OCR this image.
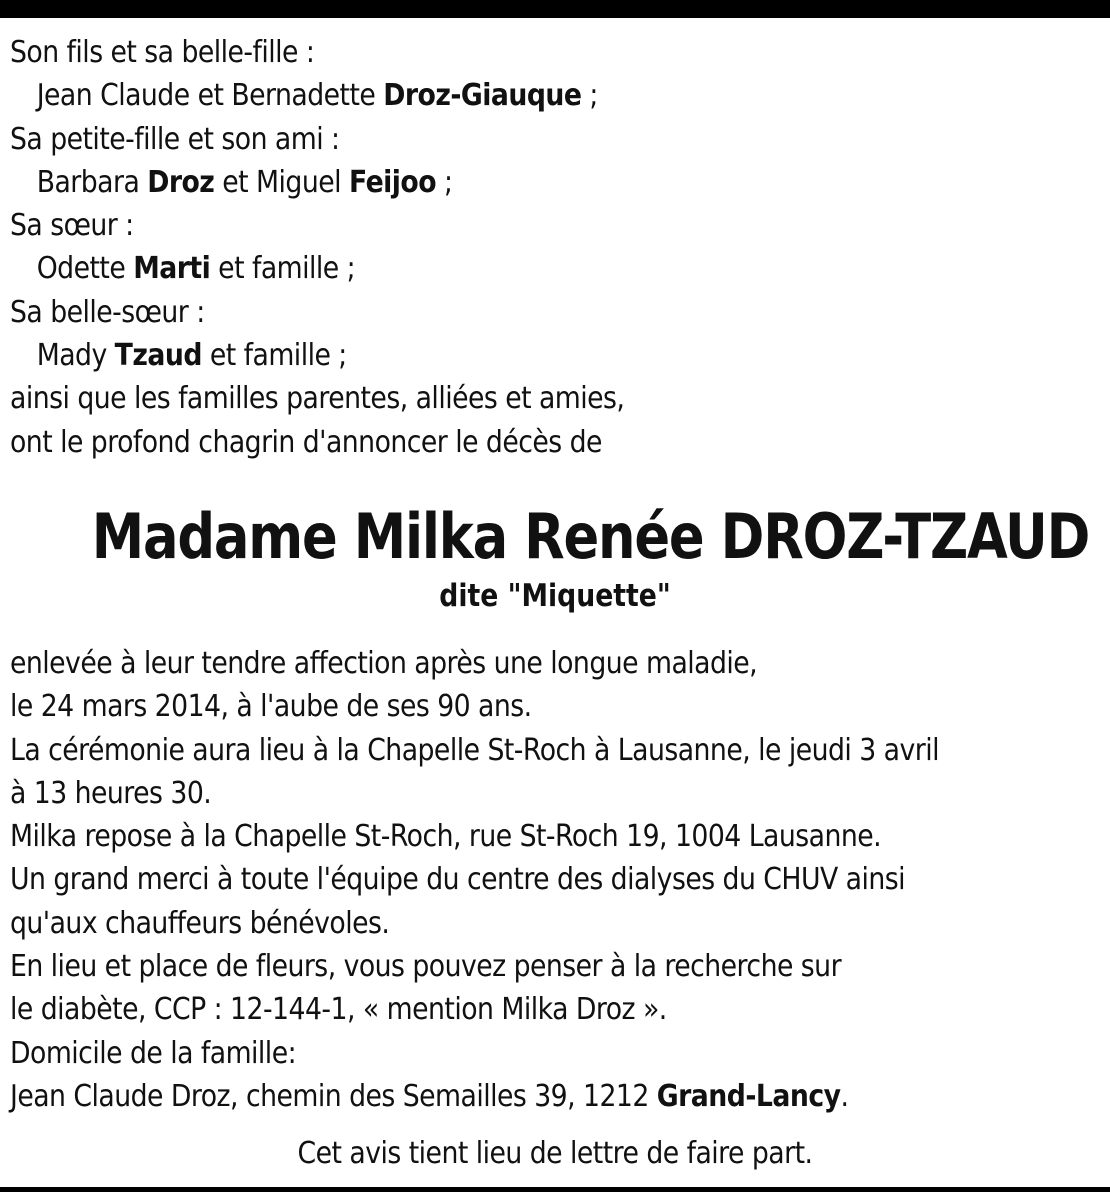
Son fils et sa belle-fille :
Jean Claude et Bernadette Droz-Giauque ;
Sa petite-fille et son ami :
Barbara Droz et Miguel Feijoo ;
Sa sœur :
Odette Marti et famille ;
Sa belle-sœur :
Mady Tzaud et famille ;
ainsi que les familles parentes, alliées et amies,
ont le profond chagrin d'annoncer le décès de
Madame Milka Renée DROZ-TZAUD
dite "Miquette"
enlevée à leur tendre affection après une longue maladie,
le 24 mars 2014, à l'aube de ses 90 ans.
La cérémonie aura lieu à la Chapelle St-Roch à Lausanne, le jeudi 3 avril
à 13 heures 30.
Milka repose à la Chapelle St-Roch, rue St-Roch 19, 1004 Lausanne.
Un grand merci à toute l'équipe du centre des dialyses du CHUV ainsi
qu'aux chauffeurs bénévoles.
En lieu et place de fleurs, vous pouvez penser à la recherche sur
le diabète, CCP : 12-144-1, « mention Milka Droz ».
Domicile de la famille:
Jean Claude Droz, chemin des Semailles 39, 1212 Grand-Lancy.
Cet avis tient lieu de lettre de faire part.
